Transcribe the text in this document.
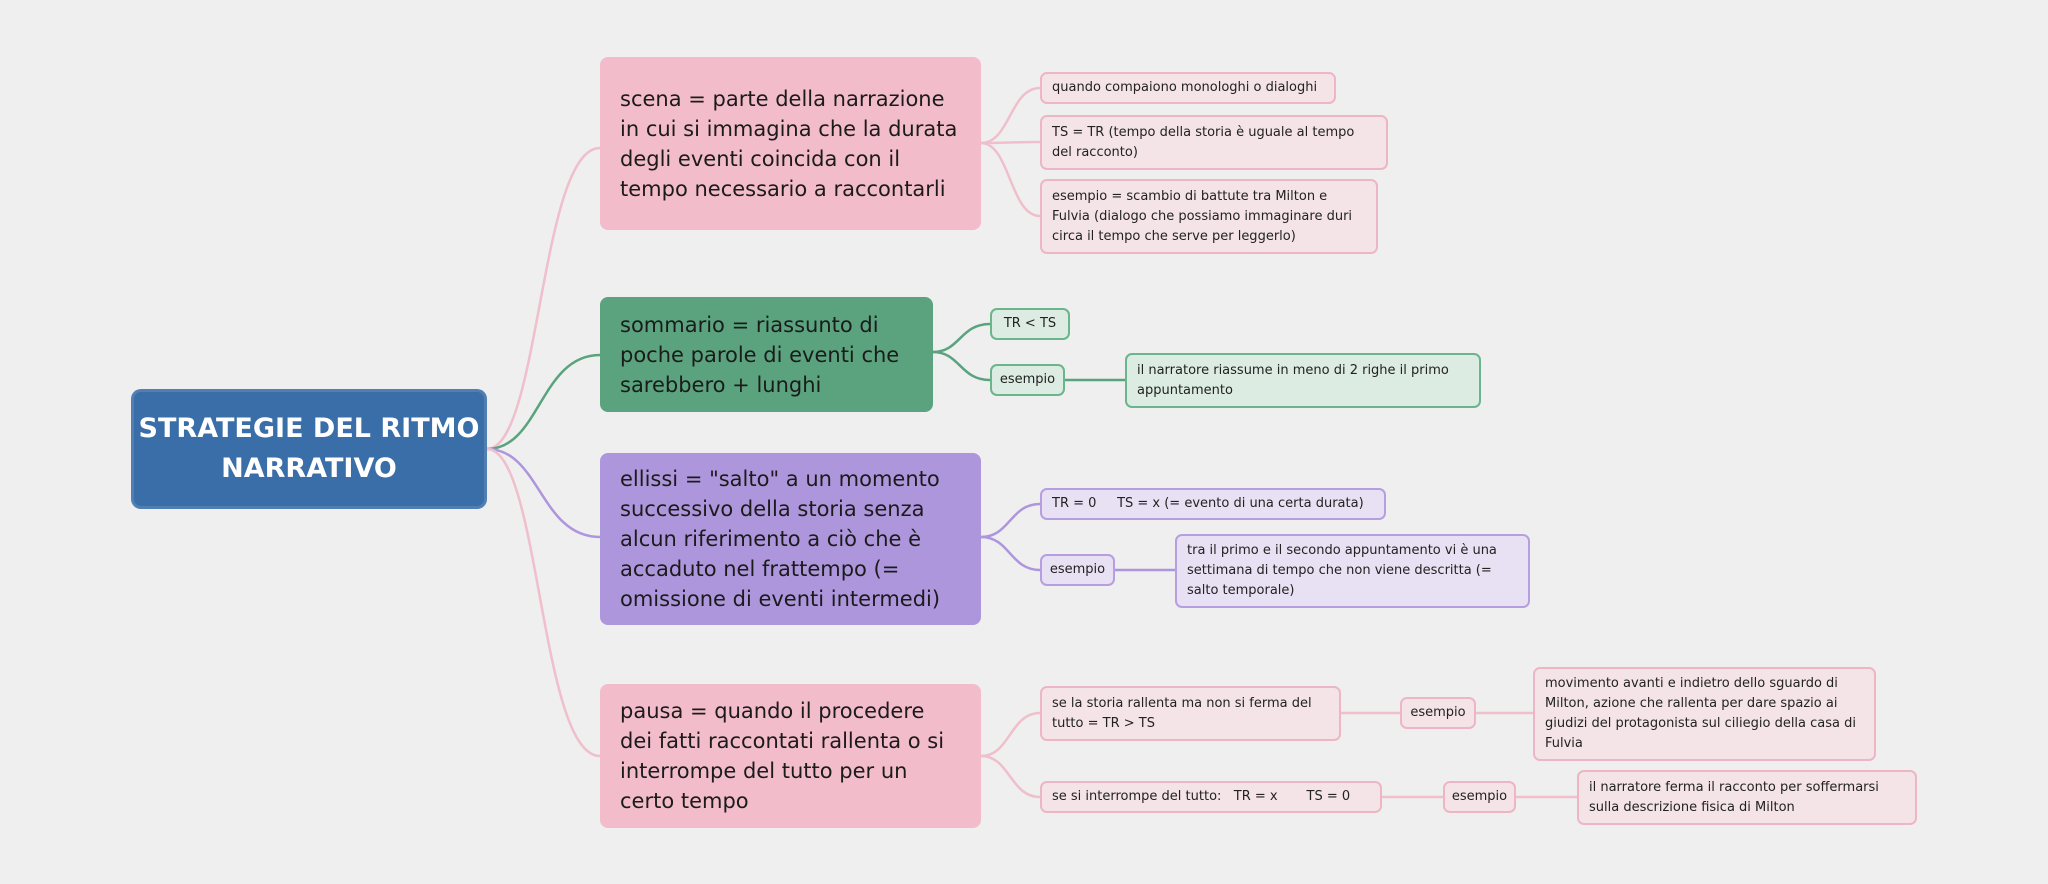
STRATEGIE DEL RITMO NARRATIVO
scena = parte della narrazione in cui si immagina che la durata degli eventi coincida con il tempo necessario a raccontarli
quando compaiono monologhi o dialoghi
TS = TR (tempo della storia è uguale al tempo del racconto)
esempio = scambio di battute tra Milton e Fulvia (dialogo che possiamo immaginare duri circa il tempo che serve per leggerlo)
sommario = riassunto di poche parole di eventi che sarebbero + lunghi
TR < TS
esempio
il narratore riassume in meno di 2 righe il primo appuntamento
ellissi = "salto" a un momento successivo della storia senza alcun riferimento a ciò che è accaduto nel frattempo (= omissione di eventi intermedi)
TR = 0     TS = x (= evento di una certa durata)
esempio
tra il primo e il secondo appuntamento vi è una settimana di tempo che non viene descritta (= salto temporale)
pausa = quando il procedere dei fatti raccontati rallenta o si interrompe del tutto per un certo tempo
se la storia rallenta ma non si ferma del tutto = TR > TS
esempio
movimento avanti e indietro dello sguardo di Milton, azione che rallenta per dare spazio ai giudizi del protagonista sul ciliegio della casa di Fulvia
se si interrompe del tutto:   TR = x       TS = 0	esempio
il narratore ferma il racconto per soffermarsi sulla descrizione fisica di Milton
